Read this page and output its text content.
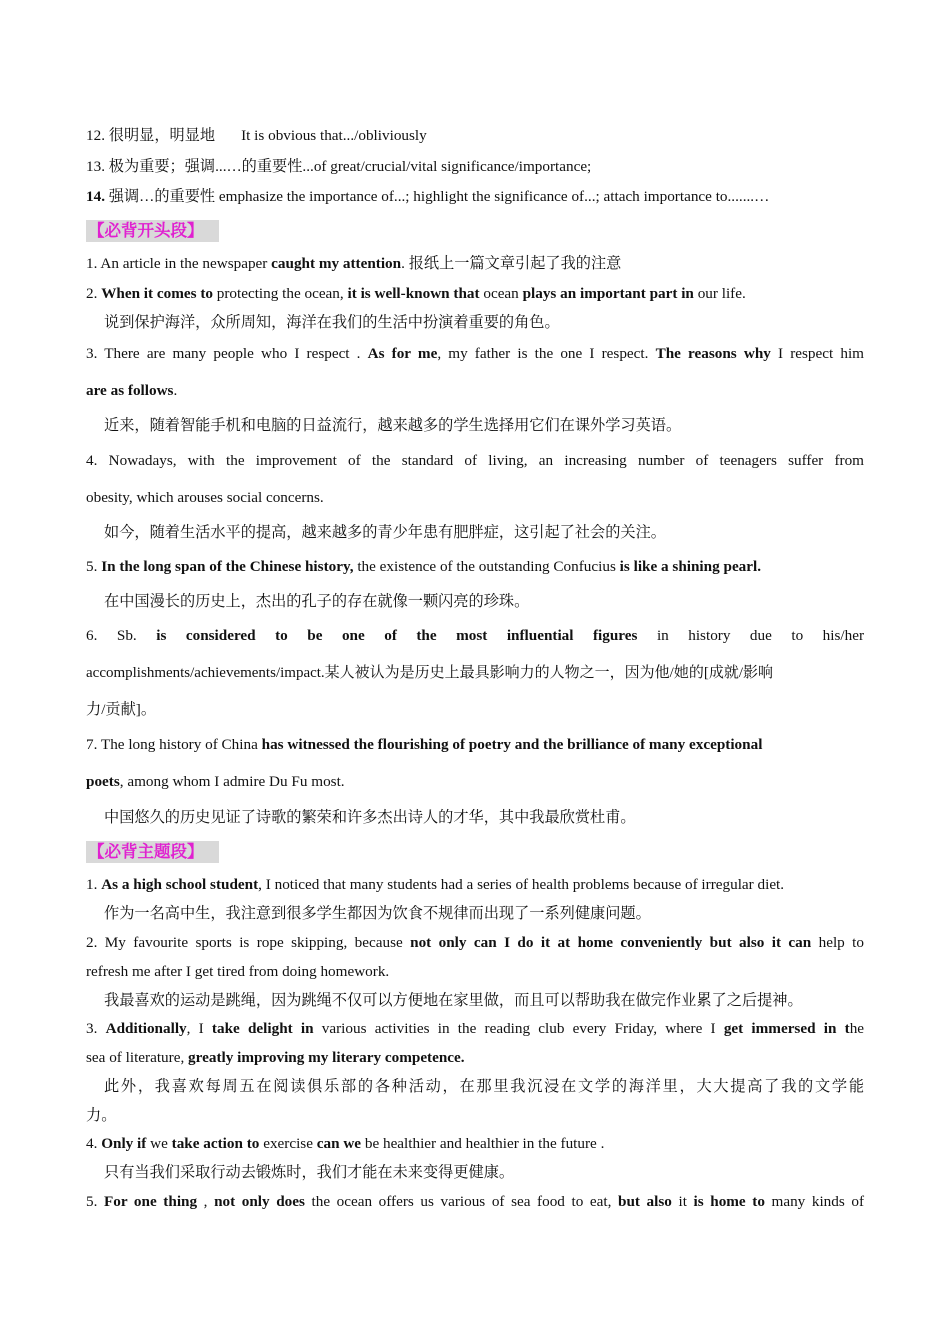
12. 很明显，明显地 It is obvious that.../obliviously

13. 极为重要；强调...…的重要性...of great/crucial/vital significance/importance;

14. 强调…的重要性 emphasize the importance of...; highlight the significance of...; attach importance to.......…

【必背开头段】

1. An article in the newspaper caught my attention. 报纸上一篇文章引起了我的注意

2. When it comes to protecting the ocean, it is well-known that ocean plays an important part in our life.

说到保护海洋，众所周知，海洋在我们的生活中扮演着重要的角色。

3. There are many people who I respect . As for me, my father is the one I respect. The reasons why I respect him

are as follows.

近来，随着智能手机和电脑的日益流行，越来越多的学生选择用它们在课外学习英语。

4. Nowadays, with the improvement of the standard of living, an increasing number of teenagers suffer from

obesity, which arouses social concerns.

如今，随着生活水平的提高，越来越多的青少年患有肥胖症，这引起了社会的关注。

5. In the long span of the Chinese history, the existence of the outstanding Confucius is like a shining pearl.

在中国漫长的历史上，杰出的孔子的存在就像一颗闪亮的珍珠。

6. Sb. is considered to be one of the most influential figures in history due to his/her

accomplishments/achievements/impact.某人被认为是历史上最具影响力的人物之一，因为他/她的[成就/影响

力/贡献]。

7. The long history of China has witnessed the flourishing of poetry and the brilliance of many exceptional

poets, among whom I admire Du Fu most.

中国悠久的历史见证了诗歌的繁荣和许多杰出诗人的才华，其中我最欣赏杜甫。

【必背主题段】

1. As a high school student, I noticed that many students had a series of health problems because of irregular diet.

作为一名高中生，我注意到很多学生都因为饮食不规律而出现了一系列健康问题。

2. My favourite sports is rope skipping, because not only can I do it at home conveniently but also it can help to

refresh me after I get tired from doing homework.

我最喜欢的运动是跳绳，因为跳绳不仅可以方便地在家里做，而且可以帮助我在做完作业累了之后提神。

3. Additionally, I take delight in various activities in the reading club every Friday, where I get immersed in the

sea of literature, greatly improving my literary competence.

此外，我喜欢每周五在阅读俱乐部的各种活动，在那里我沉浸在文学的海洋里，大大提高了我的文学能

力。

4. Only if we take action to exercise can we be healthier and healthier in the future .

只有当我们采取行动去锻炼时，我们才能在未来变得更健康。

5. For one thing , not only does the ocean offers us various of sea food to eat, but also it is home to many kinds of
